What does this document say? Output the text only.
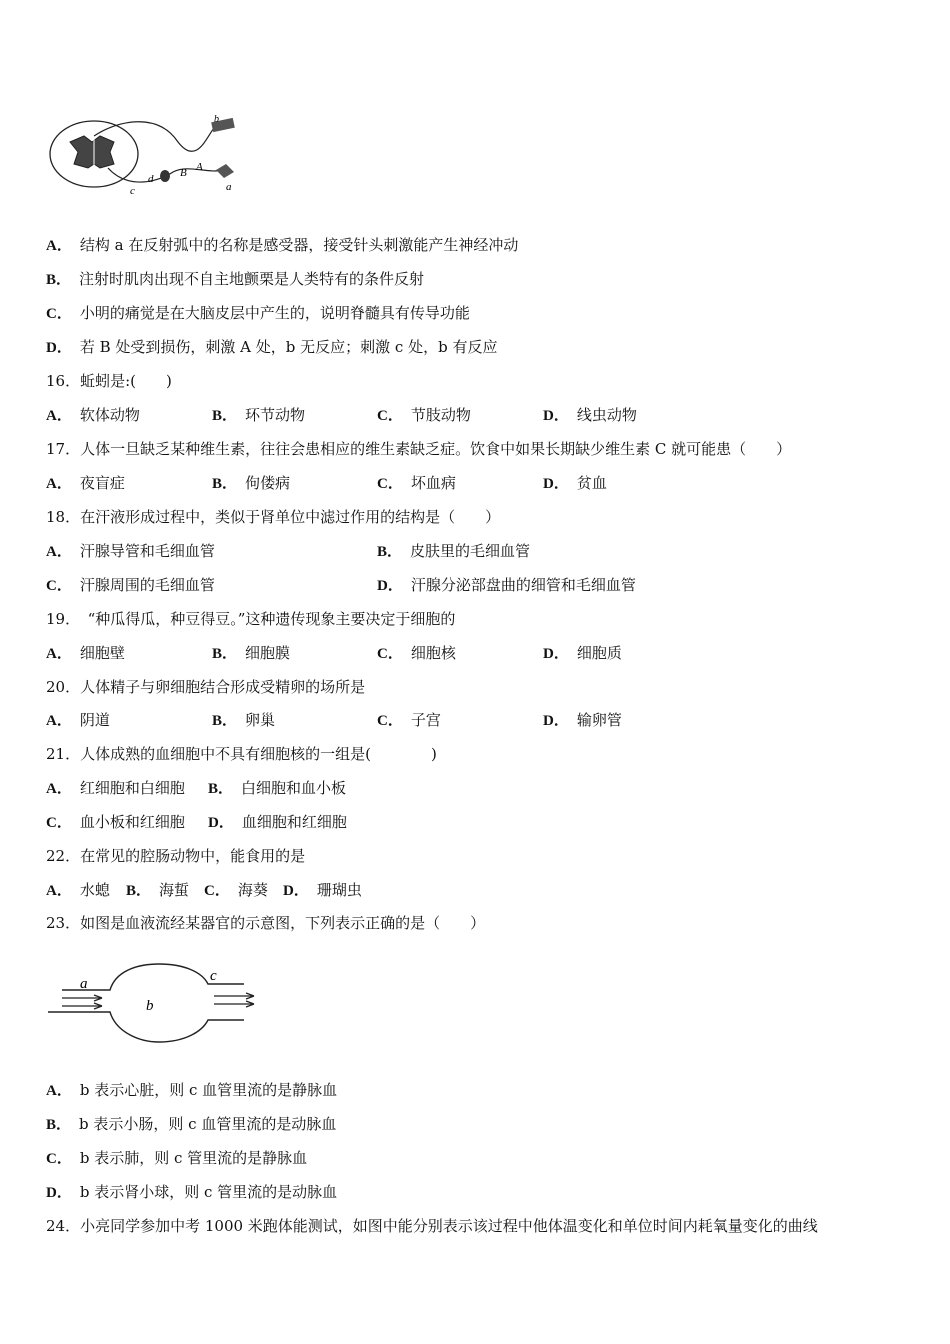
b
a
c
d B A
A． 结构 a 在反射弧中的名称是感受器，接受针头刺激能产生神经冲动
B． 注射时肌肉出现不自主地颤栗是人类特有的条件反射
C． 小明的痛觉是在大脑皮层中产生的，说明脊髓具有传导功能
D． 若 B 处受到损伤，刺激 A 处，b 无反应；刺激 c 处，b 有反应
16．蚯蚓是:(　　)
A． 软体动物	B． 环节动物	C． 节肢动物	D． 线虫动物
17．人体一旦缺乏某种维生素，往往会患相应的维生素缺乏症。饮食中如果长期缺少维生素 C 就可能患（　　）
A． 夜盲症	B． 佝偻病	C． 坏血病	D． 贫血
18．在汗液形成过程中，类似于肾单位中滤过作用的结构是（　　）
A． 汗腺导管和毛细血管	B． 皮肤里的毛细血管
C． 汗腺周围的毛细血管	D． 汗腺分泌部盘曲的细管和毛细血管
19．　“种瓜得瓜，种豆得豆。”这种遗传现象主要决定于细胞的
A． 细胞壁	B． 细胞膜	C． 细胞核	D． 细胞质
20．人体精子与卵细胞结合形成受精卵的场所是
A． 阴道	B． 卵巢	C． 子宫	D． 输卵管
21．人体成熟的血细胞中不具有细胞核的一组是(　　　　)
A． 红细胞和白细胞 B． 白细胞和血小板
C． 血小板和红细胞 D． 血细胞和红细胞
22．在常见的腔肠动物中，能食用的是
A． 水螅 B． 海蜇 C． 海葵 D． 珊瑚虫
23．如图是血液流经某器官的示意图，下列表示正确的是（　　）
a
b
c
A． b 表示心脏，则 c 血管里流的是静脉血
B． b 表示小肠，则 c 血管里流的是动脉血
C． b 表示肺，则 c 管里流的是静脉血
D． b 表示肾小球，则 c 管里流的是动脉血
24．小亮同学参加中考 1000 米跑体能测试，如图中能分别表示该过程中他体温变化和单位时间内耗氧量变化的曲线
